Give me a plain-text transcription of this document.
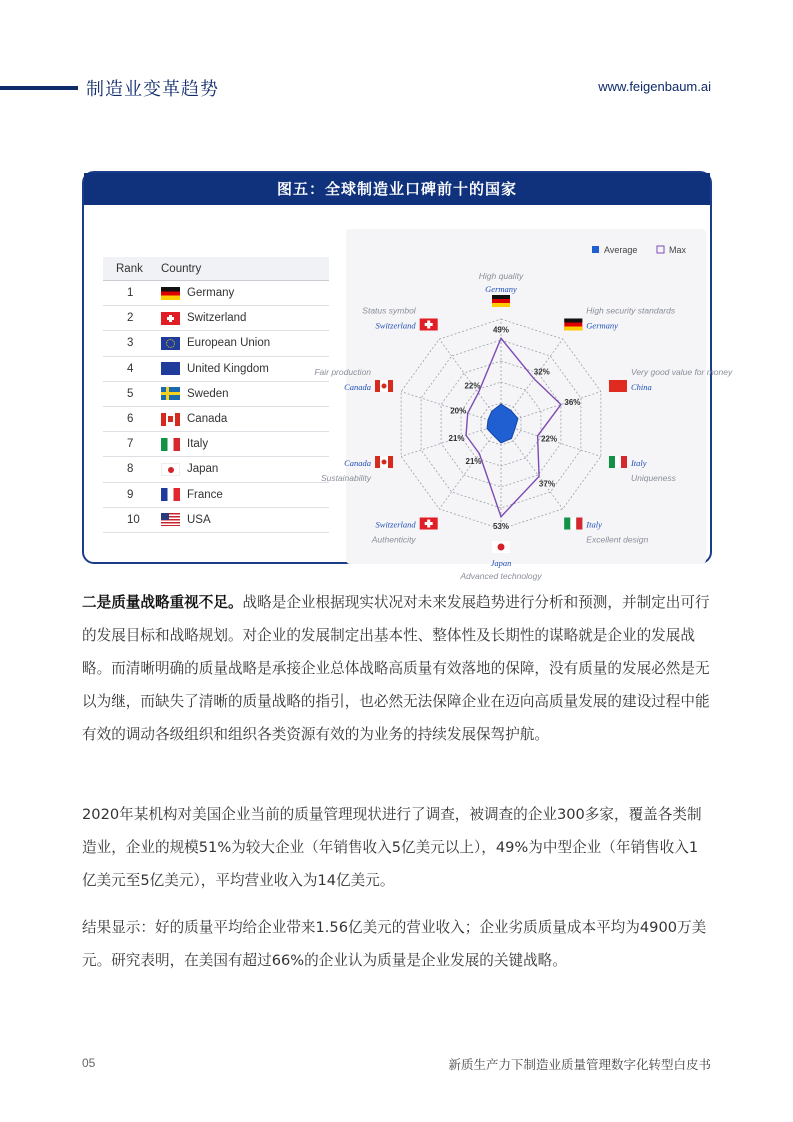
制造业变革趋势	www.feigenbaum.ai
图五：全球制造业口碑前十的国家
Rank	Country
1	Germany
2	Switzerland
3	European Union
4	United Kingdom
5	Sweden
6	Canada
7	Italy
8	Japan
9	France
10	USA
49%
32%
36%
22%
37%
53%
21%
21%
20%
22%
Germany
High quality
Germany
High security standards
China
Very good value for money
Italy
Uniqueness
Italy
Excellent design
Japan
Advanced technology
Switzerland
Authenticity
Canada
Sustainability
Canada
Fair production
Switzerland
Status symbol
Average	Max
二是质量战略重视不足。战略是企业根据现实状况对未来发展趋势进行分析和预测，并制定出可行的发展目标和战略规划。对企业的发展制定出基本性、整体性及长期性的谋略就是企业的发展战略。而清晰明确的质量战略是承接企业总体战略高质量有效落地的保障，没有质量的发展必然是无以为继，而缺失了清晰的质量战略的指引，也必然无法保障企业在迈向高质量发展的建设过程中能有效的调动各级组织和组织各类资源有效的为业务的持续发展保驾护航。
2020年某机构对美国企业当前的质量管理现状进行了调查，被调查的企业300多家，覆盖各类制造业，企业的规模51%为较大企业（年销售收入5亿美元以上），49%为中型企业（年销售收入1亿美元至5亿美元），平均营业收入为14亿美元。
结果显示：好的质量平均给企业带来1.56亿美元的营业收入；企业劣质质量成本平均为4900万美元。研究表明，在美国有超过66%的企业认为质量是企业发展的关键战略。
05	新质生产力下制造业质量管理数字化转型白皮书
